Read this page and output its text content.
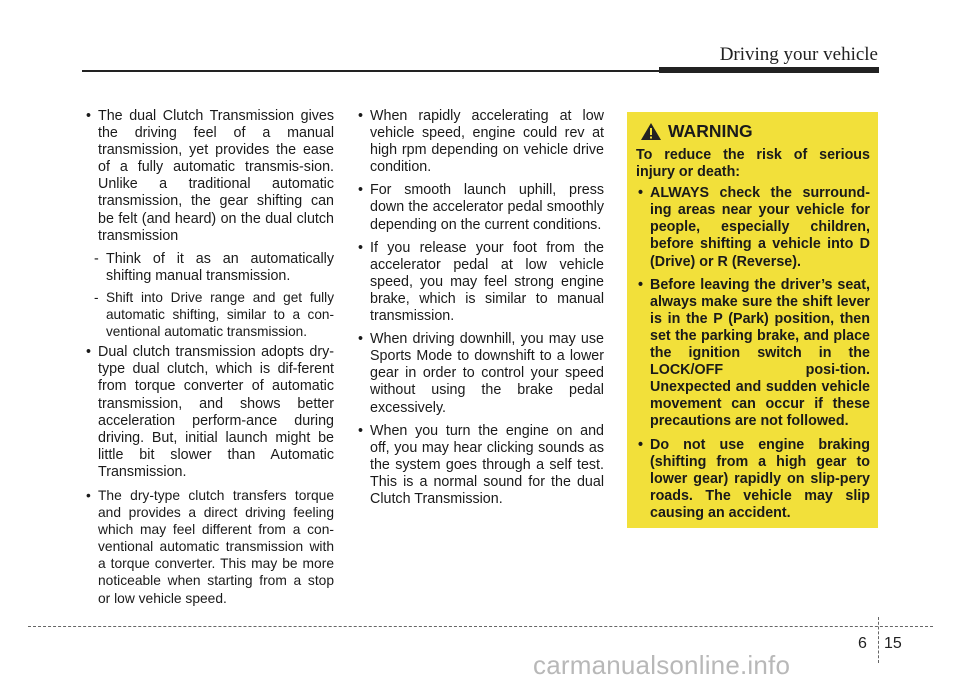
Driving your vehicle

• The dual Clutch Transmission gives the driving feel of a manual transmission, yet provides the ease of a fully automatic transmis-sion. Unlike a traditional automatic transmission, the gear shifting can be felt (and heard) on the dual clutch transmission

- Think of it as an automatically shifting manual transmission.

- Shift into Drive range and get fully automatic shifting, similar to a con-ventional automatic transmission.

• Dual clutch transmission adopts dry-type dual clutch, which is dif-ferent from torque converter of automatic transmission, and shows better acceleration perform-ance during driving. But, initial launch might be little bit slower than Automatic Transmission.

• The dry-type clutch transfers torque and provides a direct driving feeling which may feel different from a con-ventional automatic transmission with a torque converter. This may be more noticeable when starting from a stop or low vehicle speed.

• When rapidly accelerating at low vehicle speed, engine could rev at high rpm depending on vehicle drive condition.

• For smooth launch uphill, press down the accelerator pedal smoothly depending on the current conditions.

• If you release your foot from the accelerator pedal at low vehicle speed, you may feel strong engine brake, which is similar to manual transmission.

• When driving downhill, you may use Sports Mode to downshift to a lower gear in order to control your speed without using the brake pedal excessively.

• When you turn the engine on and off, you may hear clicking sounds as the system goes through a self test. This is a normal sound for the dual Clutch Transmission.

WARNING

To reduce the risk of serious injury or death:

• ALWAYS check the surround-ing areas near your vehicle for people, especially children, before shifting a vehicle into D (Drive) or R (Reverse).

• Before leaving the driver’s seat, always make sure the shift lever is in the P (Park) position, then set the parking brake, and place the ignition switch in the LOCK/OFF posi-tion. Unexpected and sudden vehicle movement can occur if these precautions are not followed.

• Do not use engine braking (shifting from a high gear to lower gear) rapidly on slip-pery roads. The vehicle may slip causing an accident.

6 15
carmanualsonline.info
